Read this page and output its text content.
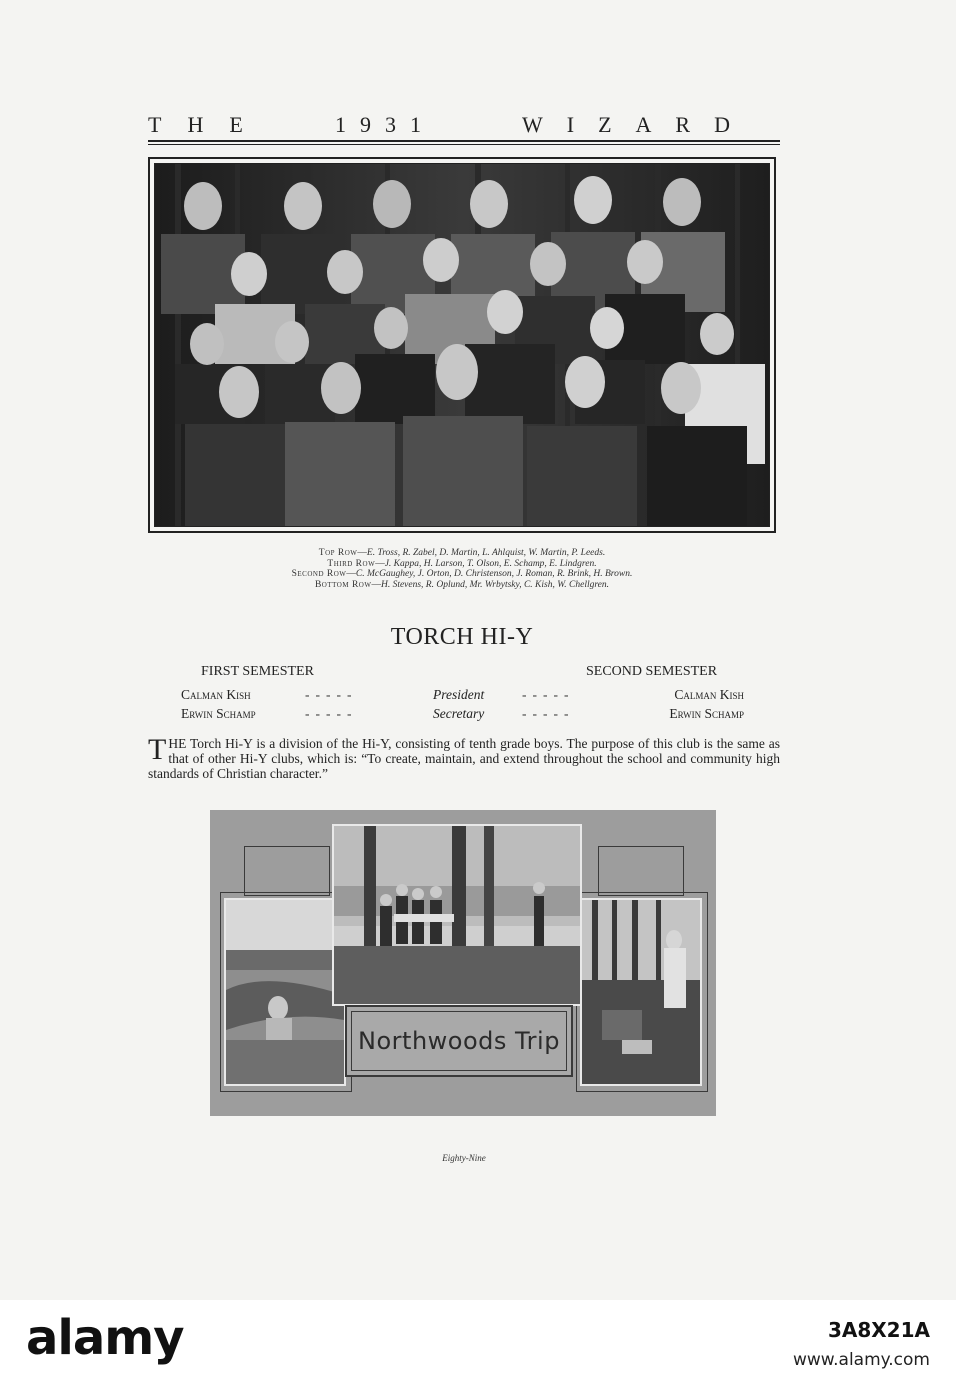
THE	1931	WIZARD
Top Row—E. Tross, R. Zabel, D. Martin, L. Ahlquist, W. Martin, P. Leeds.
Third Row—J. Kappa, H. Larson, T. Olson, E. Schamp, E. Lindgren.
Second Row—C. McGaughey, J. Orton, D. Christenson, J. Roman, R. Brink, H. Brown.
Bottom Row—H. Stevens, R. Oplund, Mr. Wrbytsky, C. Kish, W. Chellgren.
TORCH HI-Y
FIRST SEMESTER	SECOND SEMESTER
Calman Kish	-----	President	-----	Calman Kish
Erwin Schamp	-----	Secretary	-----	Erwin Schamp
THE Torch Hi-Y is a division of the Hi-Y, consisting of tenth grade boys. The purpose of this club is the same as that of other Hi-Y clubs, which is: “To create, maintain, and extend throughout the school and community high standards of Christian character.”
Northwoods Trip
Eighty-Nine
alamy	3A8X21A
www.alamy.com
